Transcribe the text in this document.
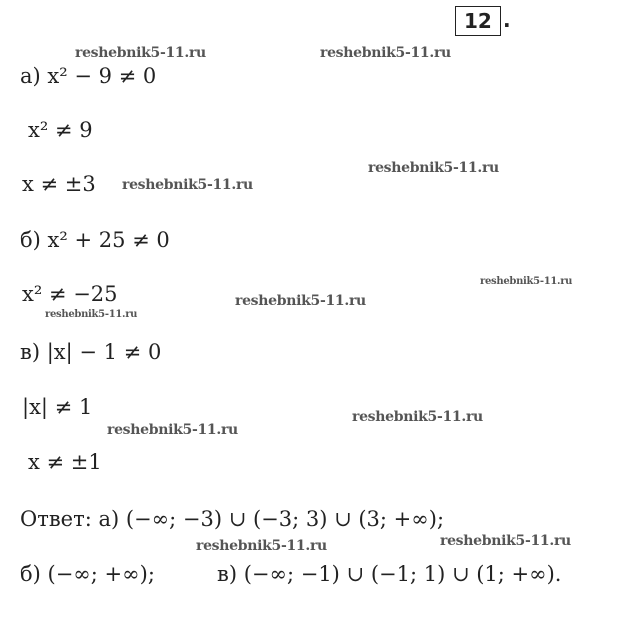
12 .
а) x² − 9 ≠ 0
x² ≠ 9
x ≠ ±3
б) x² + 25 ≠ 0
x² ≠ −25
в) |x| − 1 ≠ 0
|x| ≠ 1
x ≠ ±1
Ответ: а) (−∞; −3) ∪ (−3; 3) ∪ (3; +∞);
б) (−∞; +∞);	в) (−∞; −1) ∪ (−1; 1) ∪ (1; +∞).
reshebnik5-11.ru	reshebnik5-11.ru
reshebnik5-11.ru
reshebnik5-11.ru
reshebnik5-11.ru
reshebnik5-11.ru
reshebnik5-11.ru
reshebnik5-11.ru
reshebnik5-11.ru
reshebnik5-11.ru
reshebnik5-11.ru
